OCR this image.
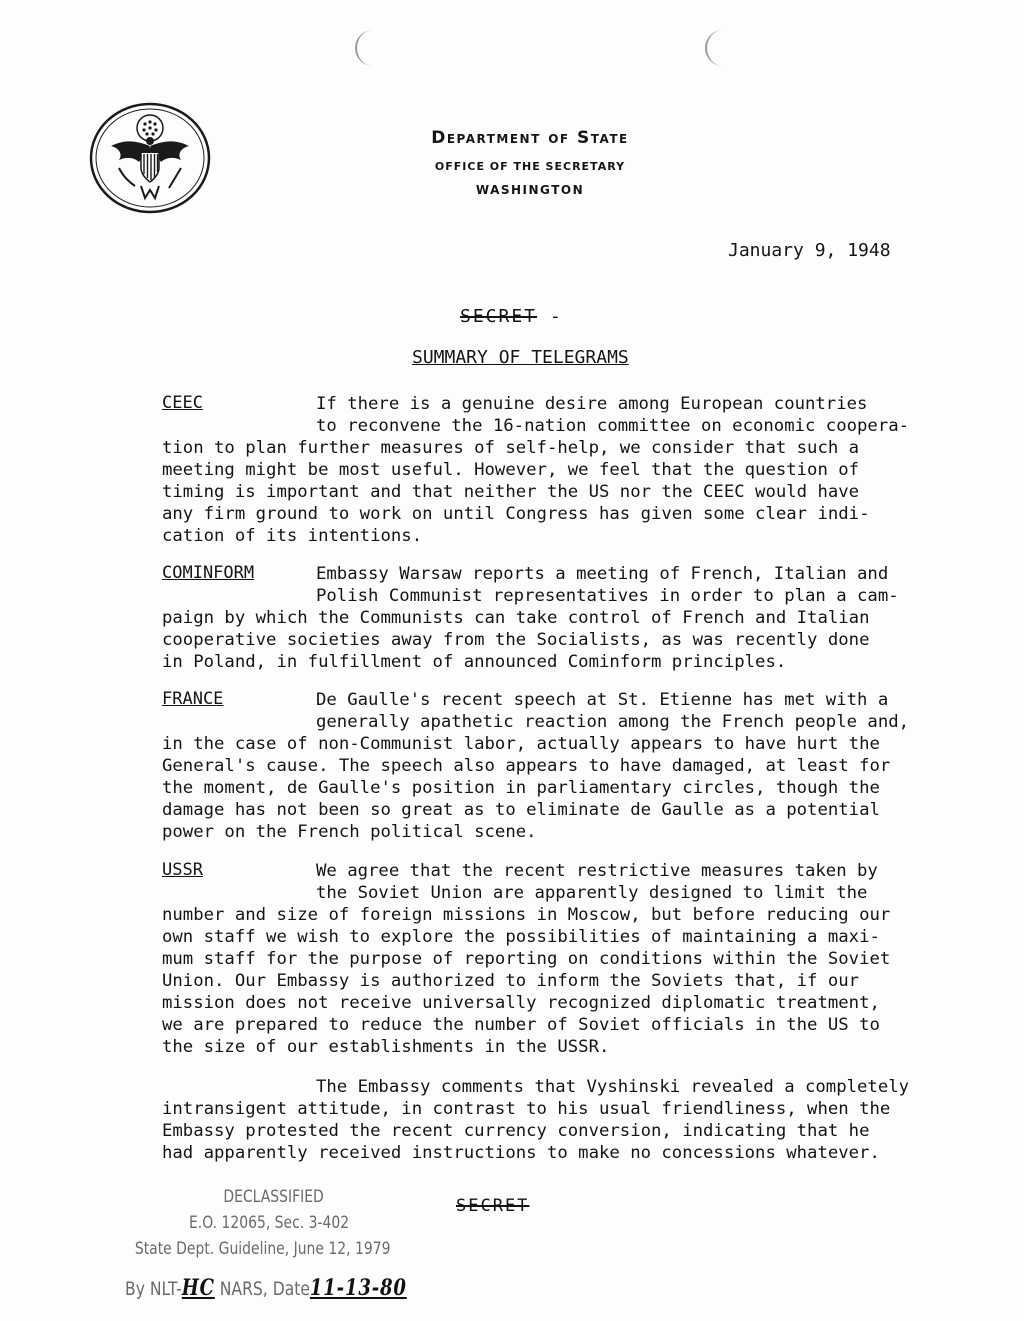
Department of State
OFFICE OF THE SECRETARY
WASHINGTON
January 9, 1948
SECRET -
SUMMARY OF TELEGRAMS
CEEC	If there is a genuine desire among European countries
to reconvene the 16-nation committee on economic coopera-
tion to plan further measures of self-help, we consider that such a
meeting might be most useful. However, we feel that the question of
timing is important and that neither the US nor the CEEC would have
any firm ground to work on until Congress has given some clear indi-
cation of its intentions.
COMINFORM	Embassy Warsaw reports a meeting of French, Italian and
Polish Communist representatives in order to plan a cam-
paign by which the Communists can take control of French and Italian
cooperative societies away from the Socialists, as was recently done
in Poland, in fulfillment of announced Cominform principles.
FRANCE	De Gaulle's recent speech at St. Etienne has met with a
generally apathetic reaction among the French people and,
in the case of non-Communist labor, actually appears to have hurt the
General's cause. The speech also appears to have damaged, at least for
the moment, de Gaulle's position in parliamentary circles, though the
damage has not been so great as to eliminate de Gaulle as a potential
power on the French political scene.
USSR	We agree that the recent restrictive measures taken by
the Soviet Union are apparently designed to limit the
number and size of foreign missions in Moscow, but before reducing our
own staff we wish to explore the possibilities of maintaining a maxi-
mum staff for the purpose of reporting on conditions within the Soviet
Union. Our Embassy is authorized to inform the Soviets that, if our
mission does not receive universally recognized diplomatic treatment,
we are prepared to reduce the number of Soviet officials in the US to
the size of our establishments in the USSR.
The Embassy comments that Vyshinski revealed a completely
intransigent attitude, in contrast to his usual friendliness, when the
Embassy protested the recent currency conversion, indicating that he
had apparently received instructions to make no concessions whatever.
DECLASSIFIED
E.O. 12065, Sec. 3-402
State Dept. Guideline, June 12, 1979
By NLT-HC NARS, Date11-13-80
SECRET
